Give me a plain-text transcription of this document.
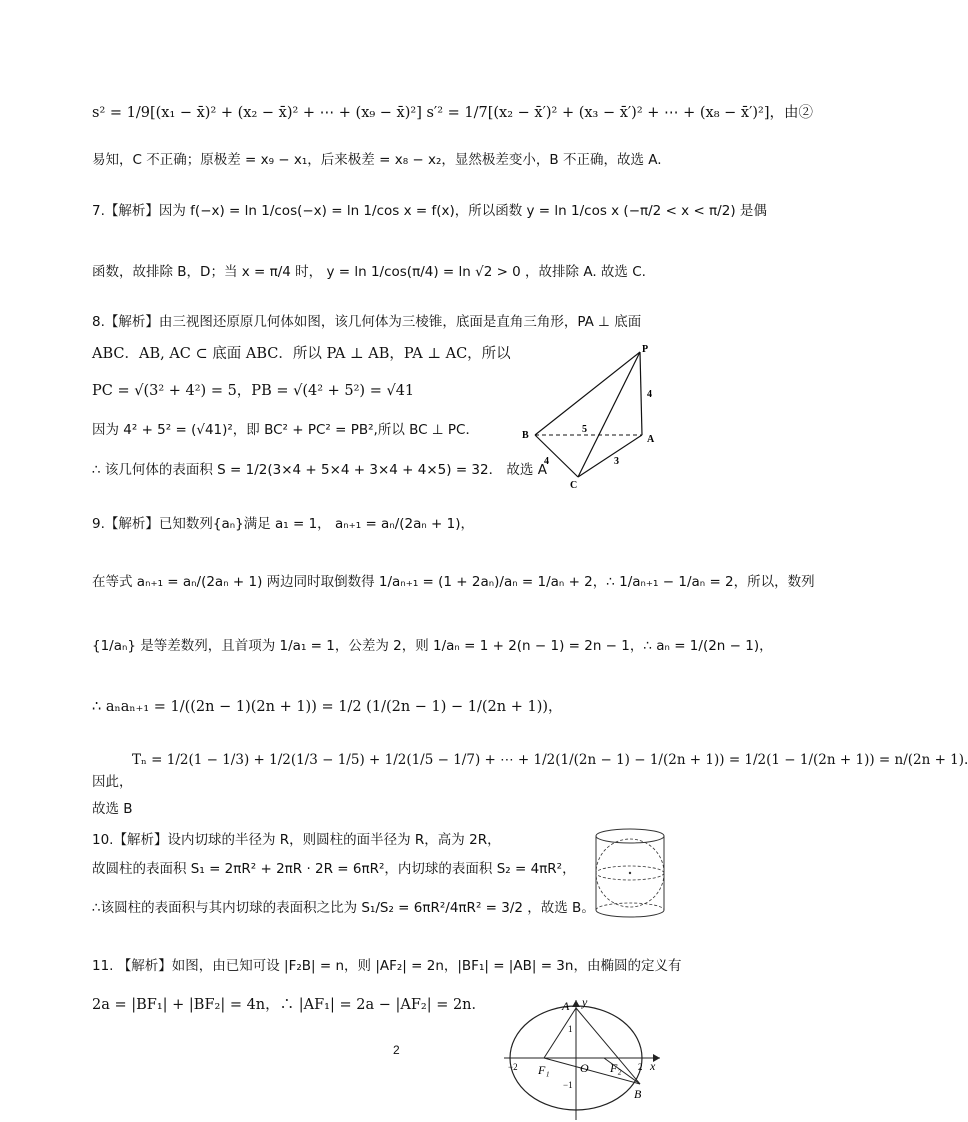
s² = 1/9[(x₁ − x̄)² + (x₂ − x̄)² + ⋯ + (x₉ − x̄)²] s′² = 1/7[(x₂ − x̄′)² + (x₃ − x̄′)² + ⋯ + (x₈ − x̄′)²]，由②
易知，C 不正确；原极差 = x₉ − x₁，后来极差 = x₈ − x₂，显然极差变小，B 不正确，故选 A.
7.【解析】因为 f(−x) = ln 1/cos(−x) = ln 1/cos x = f(x)，所以函数 y = ln 1/cos x (−π/2 < x < π/2) 是偶
函数，故排除 B，D；当 x = π/4 时， y = ln 1/cos(π/4) = ln √2 > 0 ，故排除 A. 故选 C.
8.【解析】由三视图还原原几何体如图，该几何体为三棱锥，底面是直角三角形，PA ⊥ 底面
ABC．AB, AC ⊂ 底面 ABC．所以 PA ⊥ AB，PA ⊥ AC，所以
PC = √(3² + 4²) = 5，PB = √(4² + 5²) = √41
因为 4² + 5² = (√41)²，即 BC² + PC² = PB²,所以 BC ⊥ PC．
∴ 该几何体的表面积 S = 1/2(3×4 + 5×4 + 3×4 + 4×5) = 32． 故选 A
P
B	A
C
4
5
4	3
9.【解析】已知数列{aₙ}满足 a₁ = 1， aₙ₊₁ = aₙ/(2aₙ + 1)，
在等式 aₙ₊₁ = aₙ/(2aₙ + 1) 两边同时取倒数得 1/aₙ₊₁ = (1 + 2aₙ)/aₙ = 1/aₙ + 2，∴ 1/aₙ₊₁ − 1/aₙ = 2，所以，数列
{1/aₙ} 是等差数列，且首项为 1/a₁ = 1，公差为 2，则 1/aₙ = 1 + 2(n − 1) = 2n − 1，∴ aₙ = 1/(2n − 1)，
∴ aₙaₙ₊₁ = 1/((2n − 1)(2n + 1)) = 1/2 (1/(2n − 1) − 1/(2n + 1))，
Tₙ = 1/2(1 − 1/3) + 1/2(1/3 − 1/5) + 1/2(1/5 − 1/7) + ⋯ + 1/2(1/(2n − 1) − 1/(2n + 1)) = 1/2(1 − 1/(2n + 1)) = n/(2n + 1).
因此，
故选 B
10.【解析】设内切球的半径为 R，则圆柱的面半径为 R，高为 2R，
故圆柱的表面积 S₁ = 2πR² + 2πR · 2R = 6πR²，内切球的表面积 S₂ = 4πR²，
∴该圆柱的表面积与其内切球的表面积之比为 S₁/S₂ = 6πR²/4πR² = 3/2 ，故选 B。
11. 【解析】如图，由已知可设 |F₂B| = n，则 |AF₂| = 2n，|BF₁| = |AB| = 3n，由椭圆的定义有
2a = |BF₁| + |BF₂| = 4n，∴ |AF₁| = 2a − |AF₂| = 2n．	A y
F₁	O F₂ x
B
−2	2
1
−1
2
